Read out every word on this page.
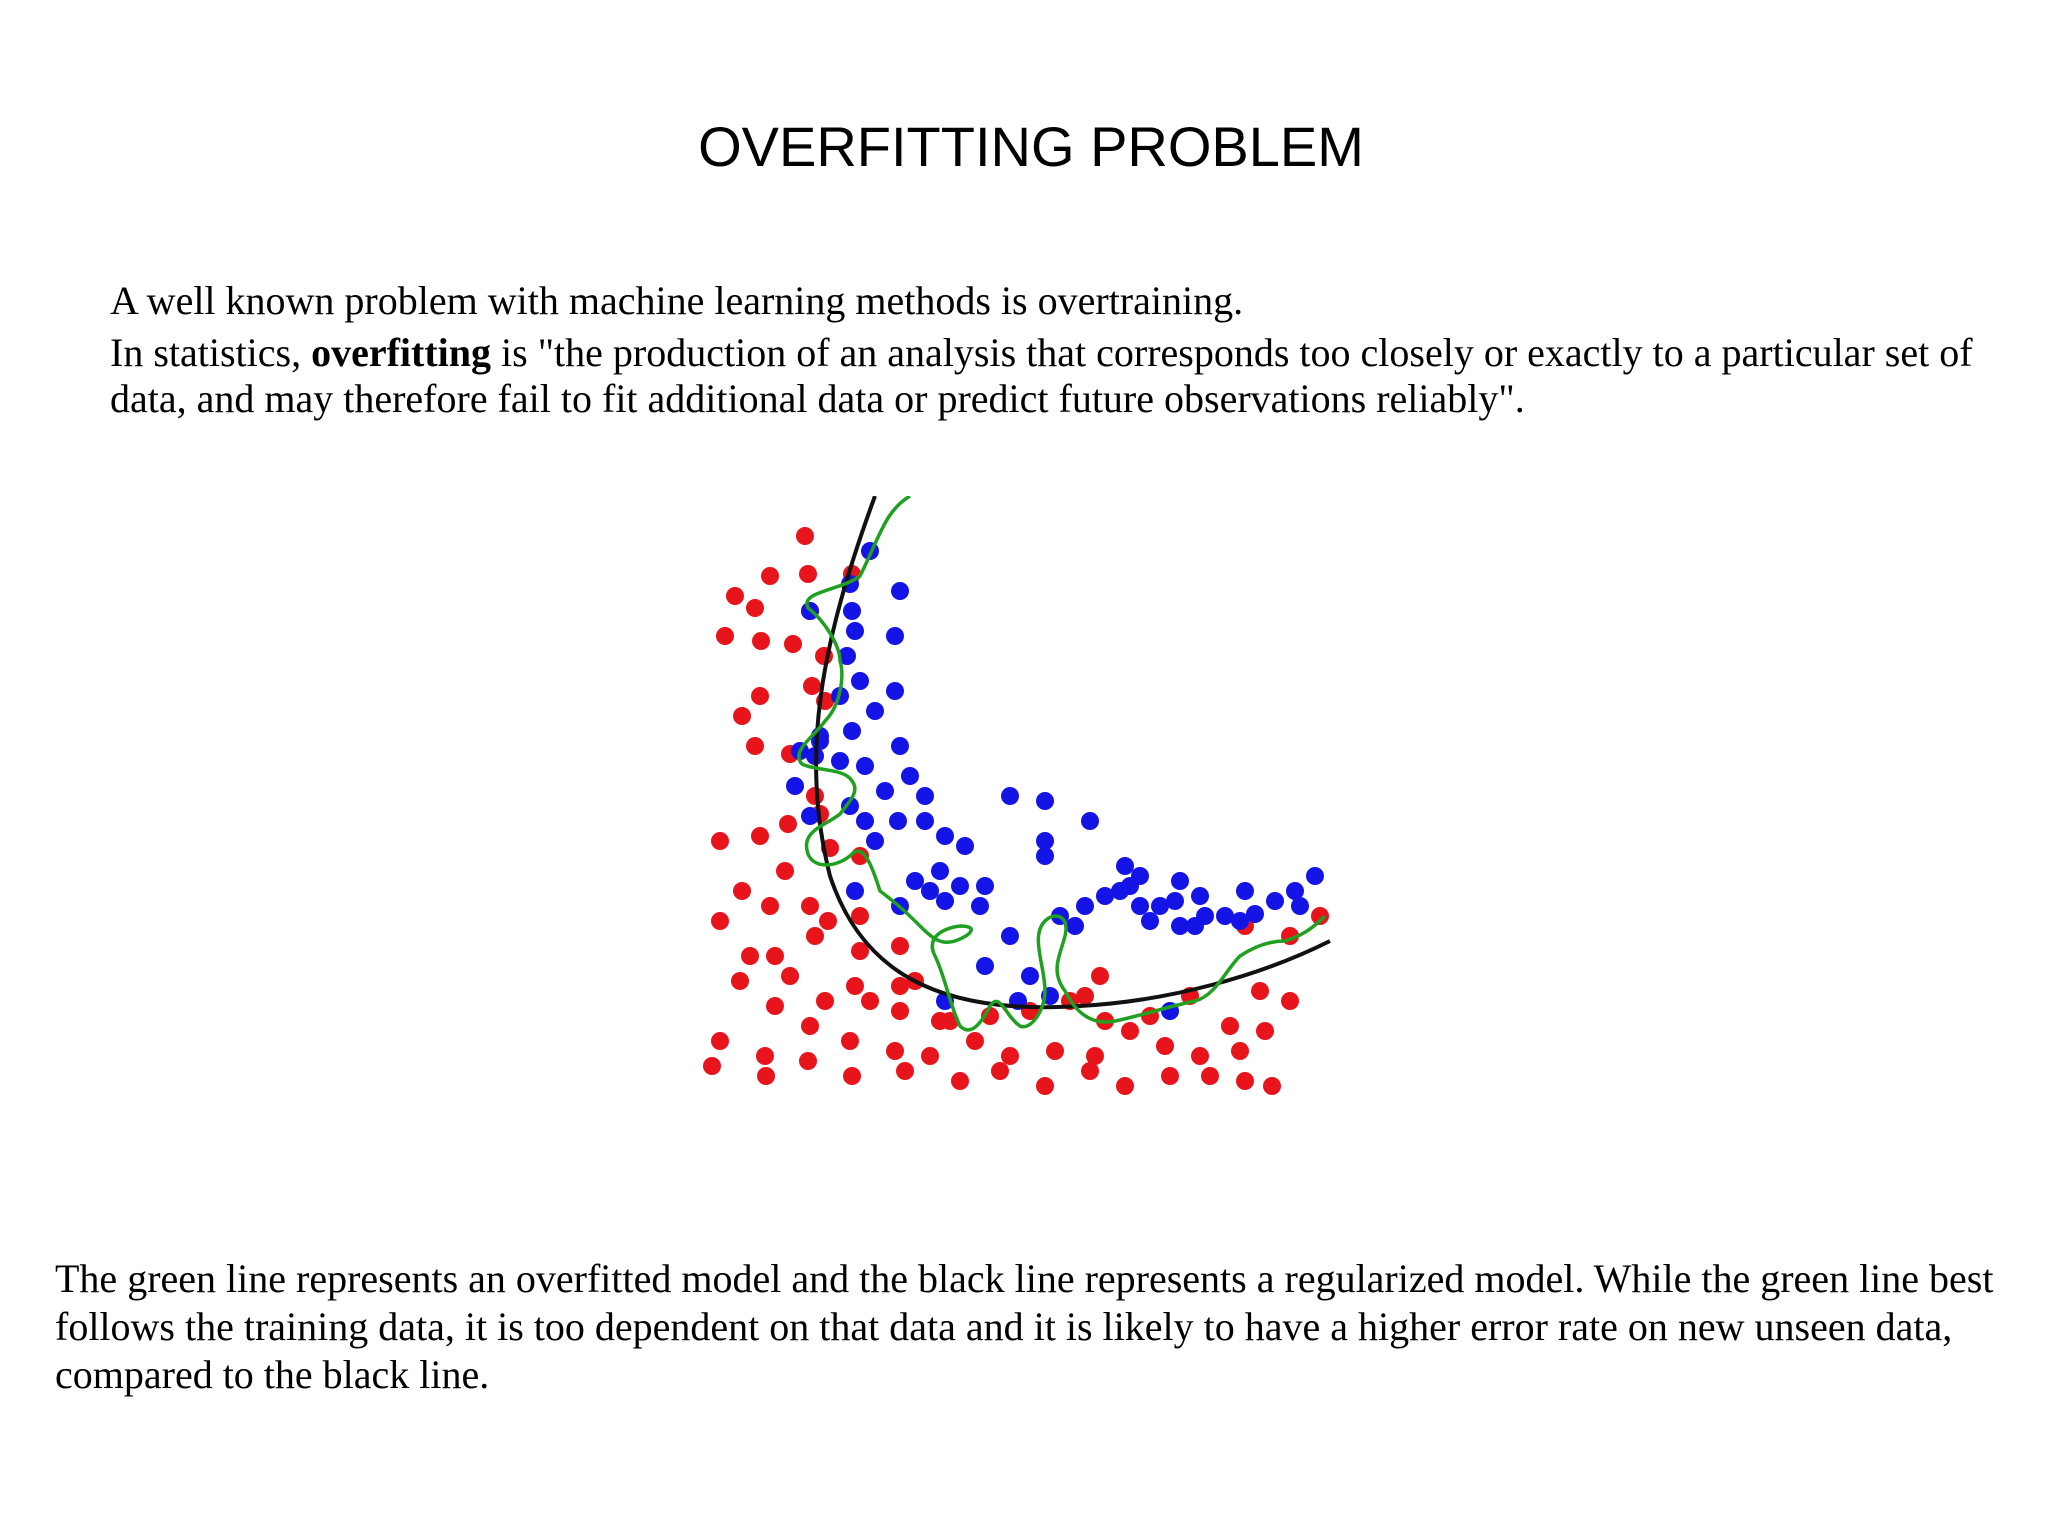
OVERFITTING PROBLEM

A well known problem with machine learning methods is overtraining.

In statistics, overfitting is "the production of an analysis that corresponds too closely or exactly to a particular set of data, and may therefore fail to fit additional data or predict future observations reliably".

The green line represents an overfitted model and the black line represents a regularized model. While the green line best follows the training data, it is too dependent on that data and it is likely to have a higher error rate on new unseen data, compared to the black line.
